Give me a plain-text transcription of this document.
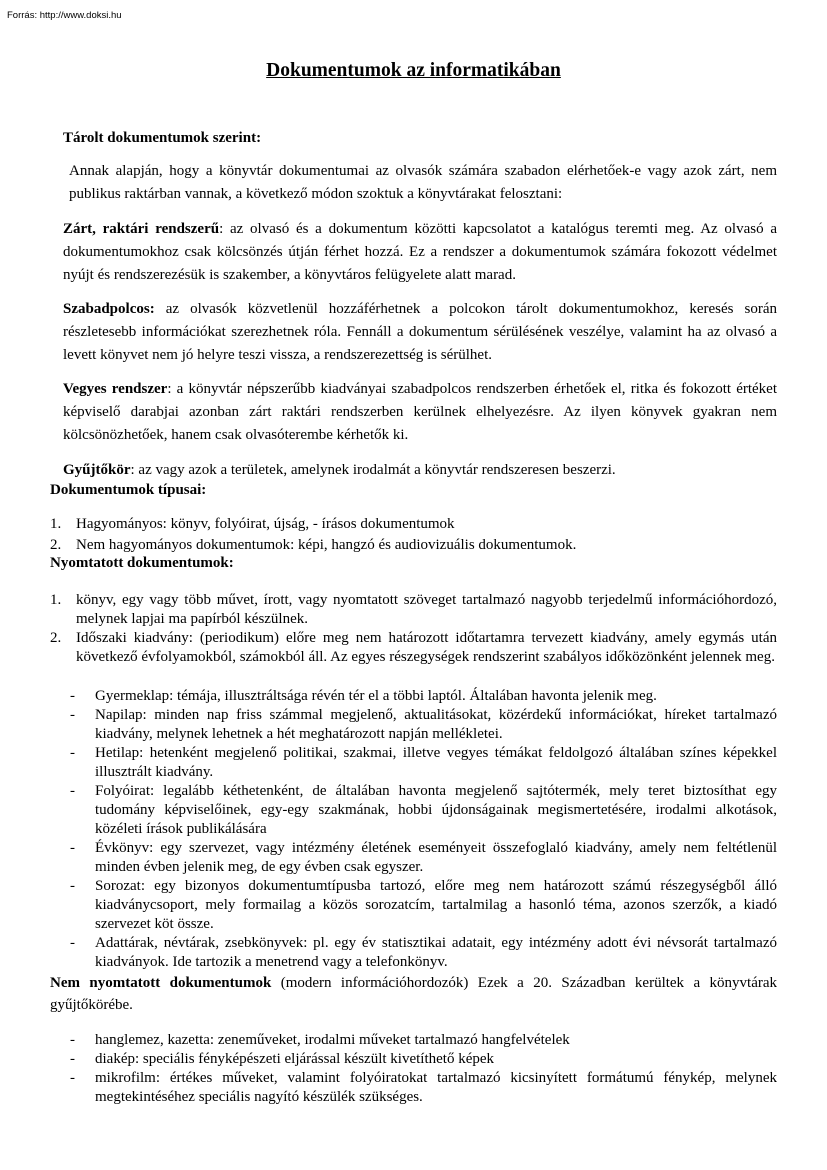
Forrás: http://www.doksi.hu
Dokumentumok az informatikában

Tárolt dokumentumok szerint:

Annak alapján, hogy a könyvtár dokumentumai az olvasók számára szabadon elérhetőek-e vagy azok zárt, nem publikus raktárban vannak, a következő módon szoktuk a könyvtárakat felosztani:

Zárt, raktári rendszerű: az olvasó és a dokumentum közötti kapcsolatot a katalógus teremti meg. Az olvasó a dokumentumokhoz csak kölcsönzés útján férhet hozzá. Ez a rendszer a dokumentumok számára fokozott védelmet nyújt és rendszerezésük is szakember, a könyvtáros felügyelete alatt marad.

Szabadpolcos: az olvasók közvetlenül hozzáférhetnek a polcokon tárolt dokumentumokhoz, keresés során részletesebb információkat szerezhetnek róla. Fennáll a dokumentum sérülésének veszélye, valamint ha az olvasó a levett könyvet nem jó helyre teszi vissza, a rendszerezettség is sérülhet.

Vegyes rendszer: a könyvtár népszerűbb kiadványai szabadpolcos rendszerben érhetőek el, ritka és fokozott értéket képviselő darabjai azonban zárt raktári rendszerben kerülnek elhelyezésre. Az ilyen könyvek gyakran nem kölcsönözhetőek, hanem csak olvasóterembe kérhetők ki.

Gyűjtőkör: az vagy azok a területek, amelynek irodalmát a könyvtár rendszeresen beszerzi.

Dokumentumok típusai:

1. Hagyományos: könyv, folyóirat, újság, - írásos dokumentumok
2. Nem hagyományos dokumentumok: képi, hangzó és audiovizuális dokumentumok.

Nyomtatott dokumentumok:

1. könyv, egy vagy több művet, írott, vagy nyomtatott szöveget tartalmazó nagyobb terjedelmű információhordozó, melynek lapjai ma papírból készülnek.
2. Időszaki kiadvány: (periodikum) előre meg nem határozott időtartamra tervezett kiadvány, amely egymás után következő évfolyamokból, számokból áll. Az egyes részegységek rendszerint szabályos időközönként jelennek meg.
- Gyermeklap: témája, illusztráltsága révén tér el a többi laptól. Általában havonta jelenik meg.
- Napilap: minden nap friss számmal megjelenő, aktualitásokat, közérdekű információkat, híreket tartalmazó kiadvány, melynek lehetnek a hét meghatározott napján mellékletei.
- Hetilap: hetenként megjelenő politikai, szakmai, illetve vegyes témákat feldolgozó általában színes képekkel illusztrált kiadvány.
- Folyóirat: legalább kéthetenként, de általában havonta megjelenő sajtótermék, mely teret biztosíthat egy tudomány képviselőinek, egy-egy szakmának, hobbi újdonságainak megismertetésére, irodalmi alkotások, közéleti írások publikálására
- Évkönyv: egy szervezet, vagy intézmény életének eseményeit összefoglaló kiadvány, amely nem feltétlenül minden évben jelenik meg, de egy évben csak egyszer.
- Sorozat: egy bizonyos dokumentumtípusba tartozó, előre meg nem határozott számú részegységből álló kiadványcsoport, mely formailag a közös sorozatcím, tartalmilag a hasonló téma, azonos szerzők, a kiadó szervezet köt össze.
- Adattárak, névtárak, zsebkönyvek: pl. egy év statisztikai adatait, egy intézmény adott évi névsorát tartalmazó kiadványok. Ide tartozik a menetrend vagy a telefonkönyv.

Nem nyomtatott dokumentumok (modern információhordozók) Ezek a 20. Században kerültek a könyvtárak gyűjtőkörébe.

- hanglemez, kazetta: zeneműveket, irodalmi műveket tartalmazó hangfelvételek
- diakép: speciális fényképészeti eljárással készült kivetíthető képek
- mikrofilm: értékes műveket, valamint folyóiratokat tartalmazó kicsinyített formátumú fénykép, melynek megtekintéséhez speciális nagyító készülék szükséges.
